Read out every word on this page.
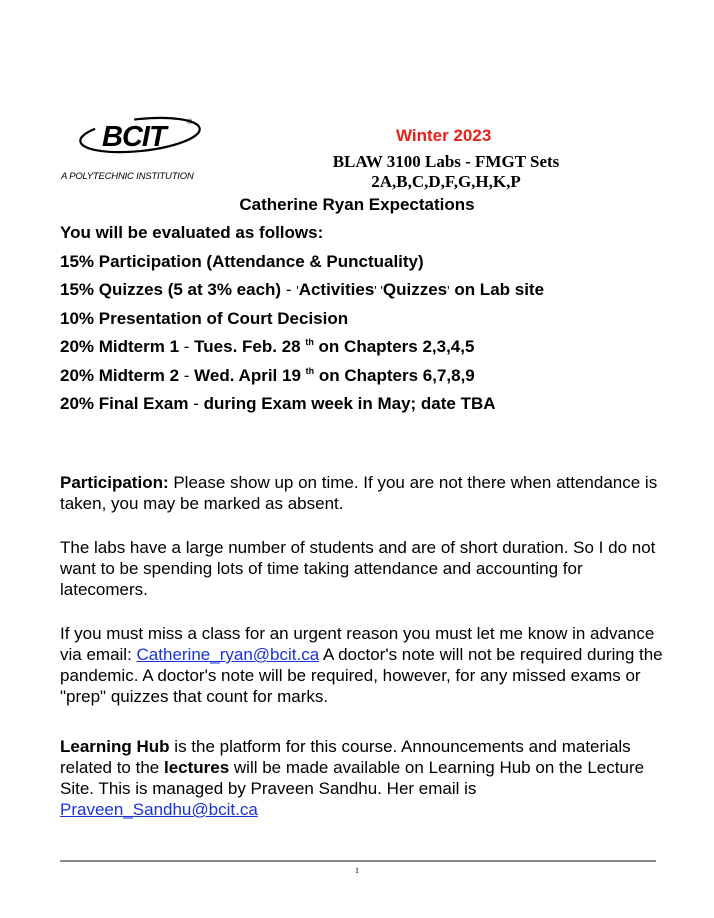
BCIT	®
A POLYTECHNIC INSTITUTION
Winter 2023
BLAW 3100 Labs - FMGT Sets
2A,B,C,D,F,G,H,K,P
Catherine Ryan Expectations
You will be evaluated as follows:
15% Participation (Attendance & Punctuality)
15% Quizzes (5 at 3% each) - 'Activities' 'Quizzes' on Lab site
10% Presentation of Court Decision
20% Midterm 1 - Tues. Feb. 28 $^{th}$ on Chapters 2,3,4,5
20% Midterm 2 - Wed. April 19 $^{th}$ on Chapters 6,7,8,9
20% Final Exam - during Exam week in May; date TBA
Participation: Please show up on time. If you are not there when attendance is taken, you may be marked as absent.
The labs have a large number of students and are of short duration. So I do not want to be spending lots of time taking attendance and accounting for latecomers.
If you must miss a class for an urgent reason you must let me know in advance via email: Catherine_ryan@bcit.ca A doctor's note will not be required during the pandemic. A doctor's note will be required, however, for any missed exams or "prep" quizzes that count for marks.
Learning Hub is the platform for this course. Announcements and materials related to the lectures will be made available on Learning Hub on the Lecture Site. This is managed by Praveen Sandhu. Her email is Praveen_Sandhu@bcit.ca
1
